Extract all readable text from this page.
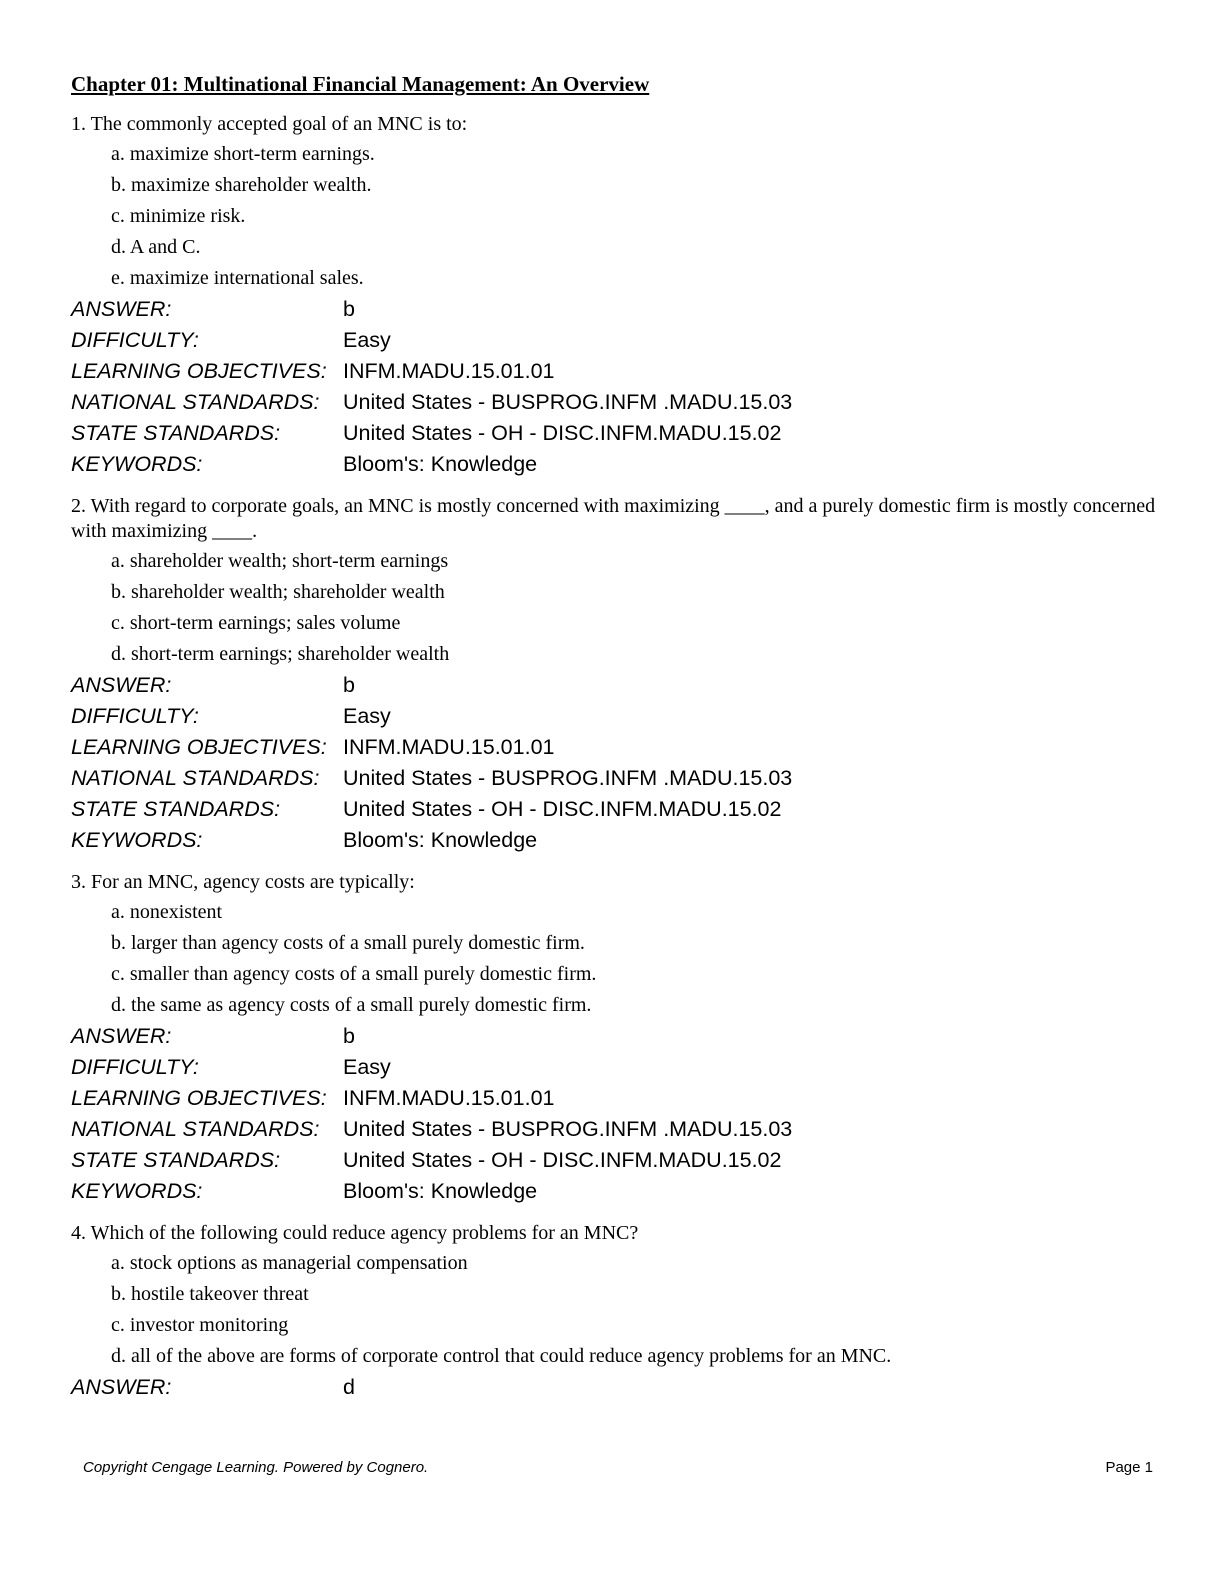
Chapter 01: Multinational Financial Management: An Overview
1. The commonly accepted goal of an MNC is to:
a. maximize short-term earnings.
b. maximize shareholder wealth.
c. minimize risk.
d. A and C.
e. maximize international sales.
ANSWER:	b
DIFFICULTY:	Easy
LEARNING OBJECTIVES: INFM.MADU.15.01.01
NATIONAL STANDARDS:	United States - BUSPROG.INFM .MADU.15.03
STATE STANDARDS:	United States - OH - DISC.INFM.MADU.15.02
KEYWORDS:	Bloom's: Knowledge
2. With regard to corporate goals, an MNC is mostly concerned with maximizing ____, and a purely domestic firm is mostly concerned with maximizing ____.
a. shareholder wealth; short-term earnings
b. shareholder wealth; shareholder wealth
c. short-term earnings; sales volume
d. short-term earnings; shareholder wealth
ANSWER:	b
DIFFICULTY:	Easy
LEARNING OBJECTIVES: INFM.MADU.15.01.01
NATIONAL STANDARDS:	United States - BUSPROG.INFM .MADU.15.03
STATE STANDARDS:	United States - OH - DISC.INFM.MADU.15.02
KEYWORDS:	Bloom's: Knowledge
3. For an MNC, agency costs are typically:
a. nonexistent
b. larger than agency costs of a small purely domestic firm.
c. smaller than agency costs of a small purely domestic firm.
d. the same as agency costs of a small purely domestic firm.
ANSWER:	b
DIFFICULTY:	Easy
LEARNING OBJECTIVES: INFM.MADU.15.01.01
NATIONAL STANDARDS:	United States - BUSPROG.INFM .MADU.15.03
STATE STANDARDS:	United States - OH - DISC.INFM.MADU.15.02
KEYWORDS:	Bloom's: Knowledge
4. Which of the following could reduce agency problems for an MNC?
a. stock options as managerial compensation
b. hostile takeover threat
c. investor monitoring
d. all of the above are forms of corporate control that could reduce agency problems for an MNC.
ANSWER:	d
Copyright Cengage Learning. Powered by Cognero.	Page 1
